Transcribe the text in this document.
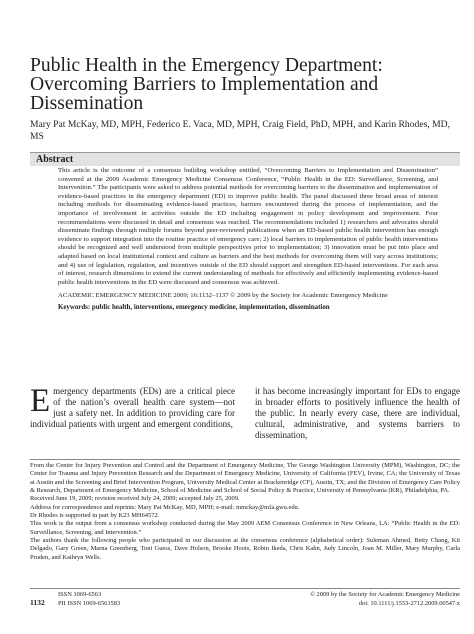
Public Health in the Emergency Department: Overcoming Barriers to Implementation and Dissemination
Mary Pat McKay, MD, MPH, Federico E. Vaca, MD, MPH, Craig Field, PhD, MPH, and Karin Rhodes, MD, MS
Abstract

This article is the outcome of a consensus building workshop entitled, “Overcoming Barriers to Implementation and Dissemination” convened at the 2009 Academic Emergency Medicine Consensus Conference, “Public Health in the ED: Surveillance, Screening, and Intervention.” The participants were asked to address potential methods for overcoming barriers to the dissemination and implementation of evidence-based practices in the emergency department (ED) to improve public health. The panel discussed three broad areas of interest including methods for disseminating evidence-based practices, barriers encountered during the process of implementation, and the importance of involvement in activities outside the ED including engagement in policy development and improvement. Four recommendations were discussed in detail and consensus was reached. The recommendations included 1) researchers and advocates should disseminate findings through multiple forums beyond peer-reviewed publications when an ED-based public health intervention has enough evidence to support integration into the routine practice of emergency care; 2) local barriers to implementation of public health interventions should be recognized and well understood from multiple perspectives prior to implementation; 3) innovation must be put into place and adapted based on local institutional context and culture as barriers and the best methods for overcoming them will vary across institutions; and 4) use of legislation, regulation, and incentives outside of the ED should support and strengthen ED-based interventions. For each area of interest, research dimensions to extend the current understanding of methods for effectively and efficiently implementing evidence-based public health interventions in the ED were discussed and consensus was achieved.

ACADEMIC EMERGENCY MEDICINE 2009; 16:1132–1137 © 2009 by the Society for Academic Emergency Medicine

Keywords: public health, interventions, emergency medicine, implementation, dissemination

E mergency departments (EDs) are a critical piece of the nation’s overall health care system—not just a safety net. In addition to providing care for individual patients with urgent and emergent conditions,

it has become increasingly important for EDs to engage in broader efforts to positively influence the health of the public. In nearly every case, there are individual, cultural, administrative, and systems barriers to dissemination,

From the Center for Injury Prevention and Control and the Department of Emergency Medicine, The George Washington University (MPM), Washington, DC; the Center for Trauma and Injury Prevention Research and the Department of Emergency Medicine, University of California (FEV), Irvine, CA; the University of Texas at Austin and the Screening and Brief Intervention Program, University Medical Center at Brackenridge (CF), Austin, TX; and the Division of Emergency Care Policy & Research, Department of Emergency Medicine, School of Medicine and School of Social Policy & Practice, University of Pennsylvania (KR), Philadelphia, PA.

Received June 19, 2009; revision received July 24, 2009; accepted July 25, 2009.

Address for correspondence and reprints: Mary Pat McKay, MD, MPH; e-mail: mmckay@mfa.gwu.edu.

Dr Rhodes is supported in part by K23 MH64572.

This work is the output from a consensus workshop conducted during the May 2009 AEM Consensus Conference in New Orleans, LA: “Public Health in the ED: Surveillance, Screening, and Intervention.”

The authors thank the following people who participated in our discussion at the consensus conference (alphabetical order): Suleman Ahmed, Betty Chang, Kit Delgado, Gary Green, Marna Greenberg, Toni Guess, Dave Holson, Brooke Hoots, Robin Ikeda, Chris Kahn, Judy Lincoln, Joan M. Miller, Mary Murphy, Carla Pruden, and Kathryn Wells.

ISSN 1069-6563
1132 PII ISSN 1069-6563583
© 2009 by the Society for Academic Emergency Medicine
doi: 10.1111/j.1553-2712.2009.00547.x
